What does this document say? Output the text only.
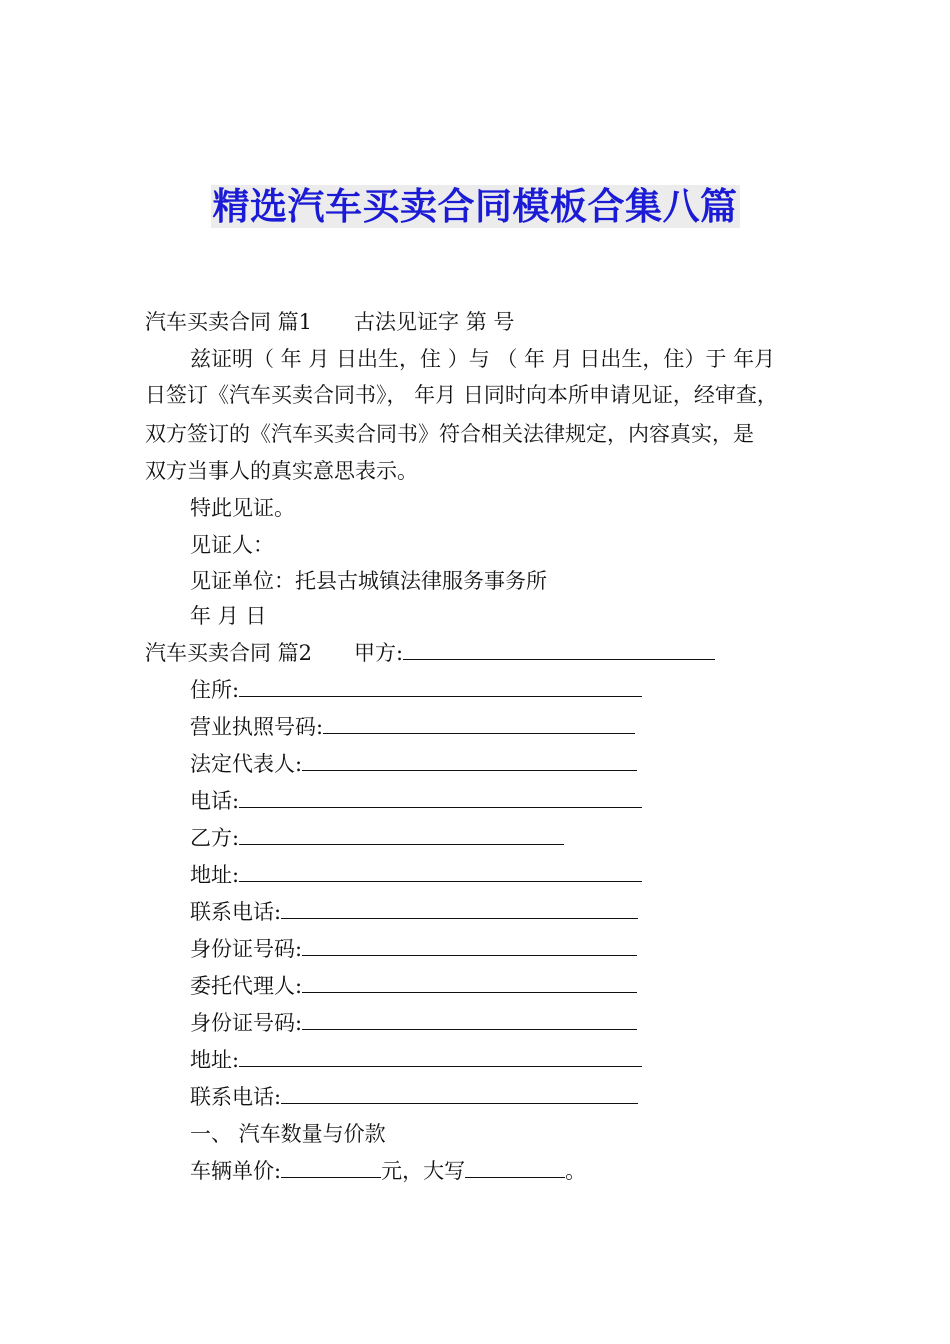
精选汽车买卖合同模板合集八篇
汽车买卖合同 篇1 古法见证字 第 号
兹证明（ 年 月 日出生，住 ）与 （ 年 月 日出生，住）于 年月
日签订《汽车买卖合同书》， 年月 日同时向本所申请见证，经审查，
双方签订的《汽车买卖合同书》符合相关法律规定，内容真实，是
双方当事人的真实意思表示。
特此见证。
见证人：
见证单位：托县古城镇法律服务事务所
年 月 日
汽车买卖合同 篇2 甲方:
住所:
营业执照号码:
法定代表人:
电话:
乙方:
地址:
联系电话:
身份证号码:
委托代理人:
身份证号码:
地址:
联系电话:
一、 汽车数量与价款
车辆单价:	元，大写	。
